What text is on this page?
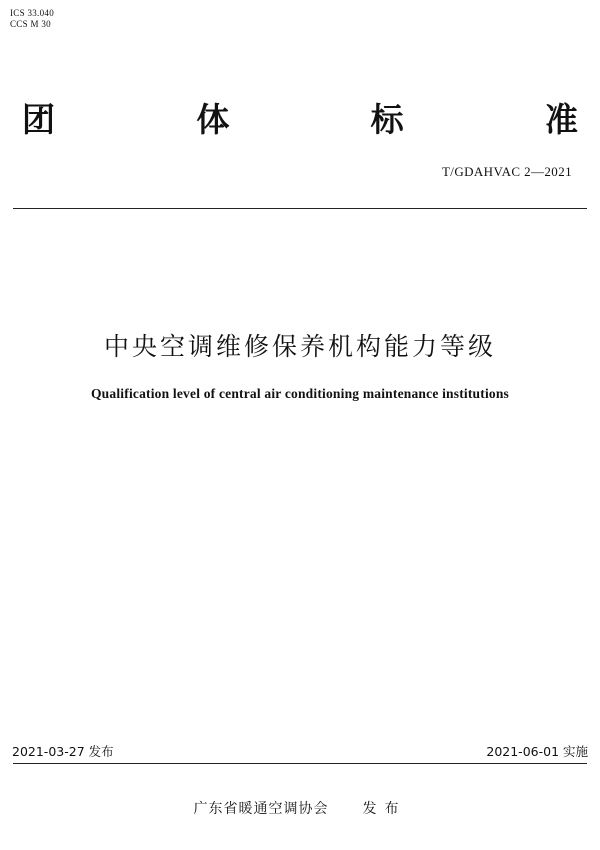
ICS 33.040
CCS M 30
团	体	标	准
T/GDAHVAC 2—2021
中央空调维修保养机构能力等级
Qualification level of central air conditioning maintenance institutions
2021-03-27 发布	2021-06-01 实施
广东省暖通空调协会 发布
